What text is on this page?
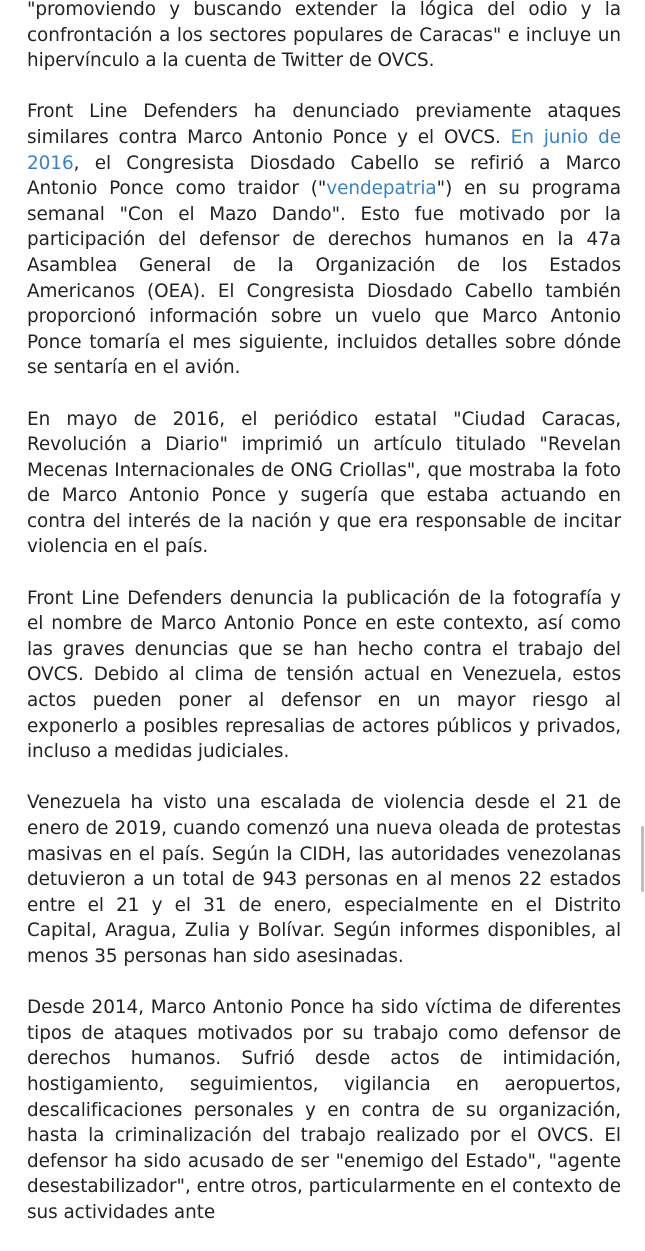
"promoviendo y buscando extender la lógica del odio y la confrontación a los sectores populares de Caracas" e incluye un hipervínculo a la cuenta de Twitter de OVCS.

Front Line Defenders ha denunciado previamente ataques similares contra Marco Antonio Ponce y el OVCS. En junio de 2016, el Congresista Diosdado Cabello se refirió a Marco Antonio Ponce como traidor ("vendepatria") en su programa semanal "Con el Mazo Dando". Esto fue motivado por la participación del defensor de derechos humanos en la 47a Asamblea General de la Organización de los Estados Americanos (OEA). El Congresista Diosdado Cabello también proporcionó información sobre un vuelo que Marco Antonio Ponce tomaría el mes siguiente, incluidos detalles sobre dónde se sentaría en el avión.

En mayo de 2016, el periódico estatal "Ciudad Caracas, Revolución a Diario" imprimió un artículo titulado "Revelan Mecenas Internacionales de ONG Criollas", que mostraba la foto de Marco Antonio Ponce y sugería que estaba actuando en contra del interés de la nación y que era responsable de incitar violencia en el país.

Front Line Defenders denuncia la publicación de la fotografía y el nombre de Marco Antonio Ponce en este contexto, así como las graves denuncias que se han hecho contra el trabajo del OVCS. Debido al clima de tensión actual en Venezuela, estos actos pueden poner al defensor en un mayor riesgo al exponerlo a posibles represalias de actores públicos y privados, incluso a medidas judiciales.

Venezuela ha visto una escalada de violencia desde el 21 de enero de 2019, cuando comenzó una nueva oleada de protestas masivas en el país. Según la CIDH, las autoridades venezolanas detuvieron a un total de 943 personas en al menos 22 estados entre el 21 y el 31 de enero, especialmente en el Distrito Capital, Aragua, Zulia y Bolívar. Según informes disponibles, al menos 35 personas han sido asesinadas.

Desde 2014, Marco Antonio Ponce ha sido víctima de diferentes tipos de ataques motivados por su trabajo como defensor de derechos humanos. Sufrió desde actos de intimidación, hostigamiento, seguimientos, vigilancia en aeropuertos, descalificaciones personales y en contra de su organización, hasta la criminalización del trabajo realizado por el OVCS. El defensor ha sido acusado de ser "enemigo del Estado", "agente desestabilizador", entre otros, particularmente en el contexto de sus actividades ante
